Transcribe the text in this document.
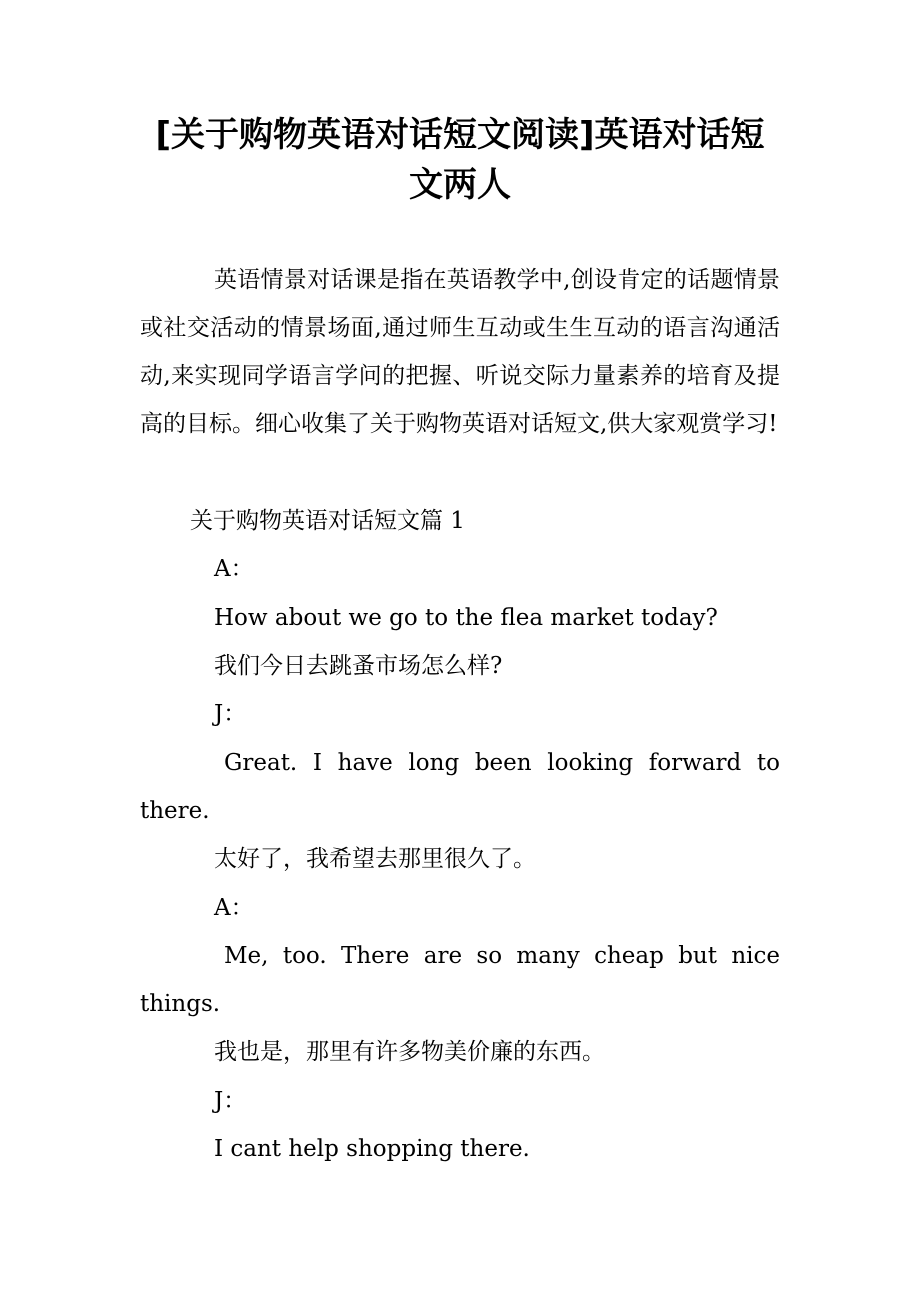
[关于购物英语对话短文阅读]英语对话短文两人

英语情景对话课是指在英语教学中,创设肯定的话题情景或社交活动的情景场面,通过师生互动或生生互动的语言沟通活动,来实现同学语言学问的把握、听说交际力量素养的培育及提高的目标。细心收集了关于购物英语对话短文,供大家观赏学习!

关于购物英语对话短文篇 1

A：

How about we go to the flea market today?

我们今日去跳蚤市场怎么样?

J：

Great. I have long been looking forward to there.

太好了，我希望去那里很久了。

A：

Me, too. There are so many cheap but nice things.

我也是，那里有许多物美价廉的东西。

J：

I cant help shopping there.
